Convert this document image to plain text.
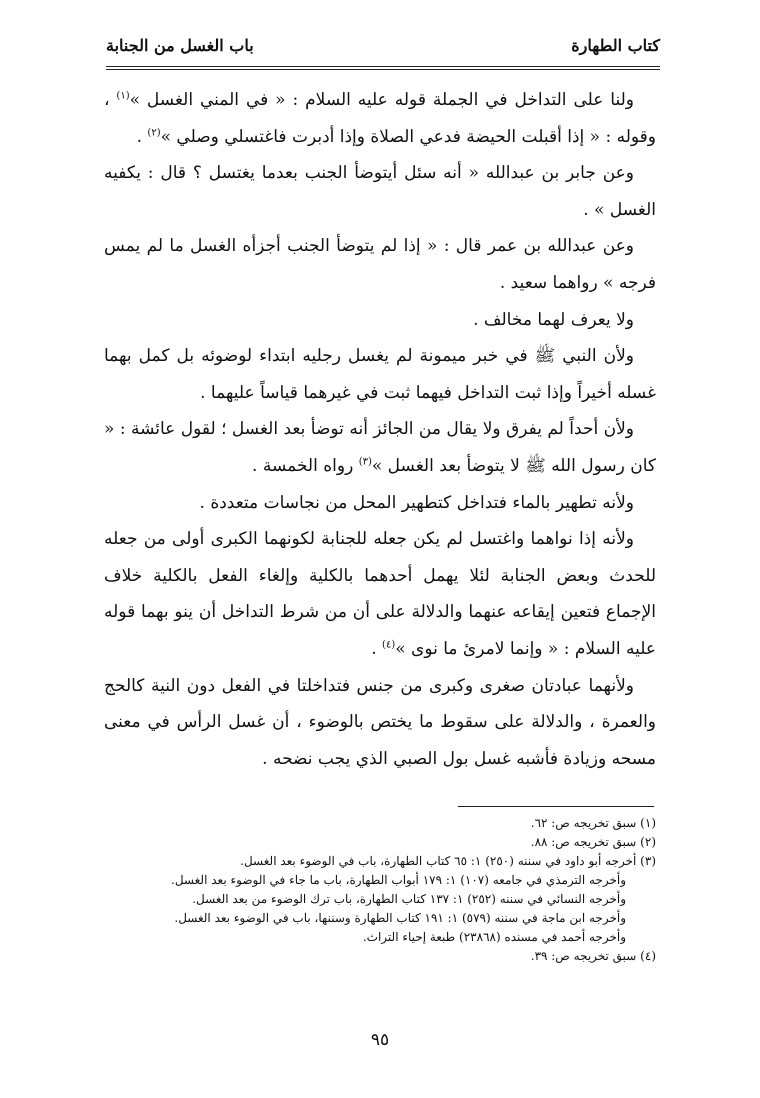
كتاب الطهارة
باب الغسل من الجنابة

ولنا على التداخل في الجملة قوله عليه السلام : « في المني الغسل »$^{(١)}$ ، وقوله : « إذا أقبلت الحيضة فدعي الصلاة وإذا أدبرت فاغتسلي وصلي »$^{(٢)}$ .

وعن جابر بن عبدالله « أنه سئل أيتوضأ الجنب بعدما يغتسل ؟ قال : يكفيه الغسل » .

وعن عبدالله بن عمر قال : « إذا لم يتوضأ الجنب أجزأه الغسل ما لم يمس فرجه » رواهما سعيد .

ولا يعرف لهما مخالف .

ولأن النبي ﷺ في خبر ميمونة لم يغسل رجليه ابتداء لوضوئه بل كمل بهما غسله أخيراً وإذا ثبت التداخل فيهما ثبت في غيرهما قياساً عليهما .

ولأن أحداً لم يفرق ولا يقال من الجائز أنه توضأ بعد الغسل ؛ لقول عائشة : « كان رسول الله ﷺ لا يتوضأ بعد الغسل »$^{(٣)}$ رواه الخمسة .

ولأنه تطهير بالماء فتداخل كتطهير المحل من نجاسات متعددة .

ولأنه إذا نواهما واغتسل لم يكن جعله للجنابة لكونهما الكبرى أولى من جعله للحدث وبعض الجنابة لئلا يهمل أحدهما بالكلية وإلغاء الفعل بالكلية خلاف الإجماع فتعين إيقاعه عنهما والدلالة على أن من شرط التداخل أن ينو بهما قوله عليه السلام : « وإنما لامرئ ما نوى »$^{(٤)}$ .

ولأنهما عبادتان صغرى وكبرى من جنس فتداخلتا في الفعل دون النية كالحج والعمرة ، والدلالة على سقوط ما يختص بالوضوء ، أن غسل الرأس في معنى مسحه وزيادة فأشبه غسل بول الصبي الذي يجب نضحه .

(١) سبق تخريجه ص: ٦٢.
(٢) سبق تخريجه ص: ٨٨.
(٣) أخرجه أبو داود في سننه (٢٥٠) ١: ٦٥ كتاب الطهارة، باب في الوضوء بعد الغسل.
وأخرجه الترمذي في جامعه (١٠٧) ١: ١٧٩ أبواب الطهارة، باب ما جاء في الوضوء بعد الغسل.
وأخرجه النسائي في سننه (٢٥٢) ١: ١٣٧ كتاب الطهارة، باب ترك الوضوء من بعد الغسل.
وأخرجه ابن ماجة في سننه (٥٧٩) ١: ١٩١ كتاب الطهارة وسننها، باب في الوضوء بعد الغسل.
وأخرجه أحمد في مسنده (٢٣٨٦٨) طبعة إحياء التراث.
(٤) سبق تخريجه ص: ٣٩.
٩٥
